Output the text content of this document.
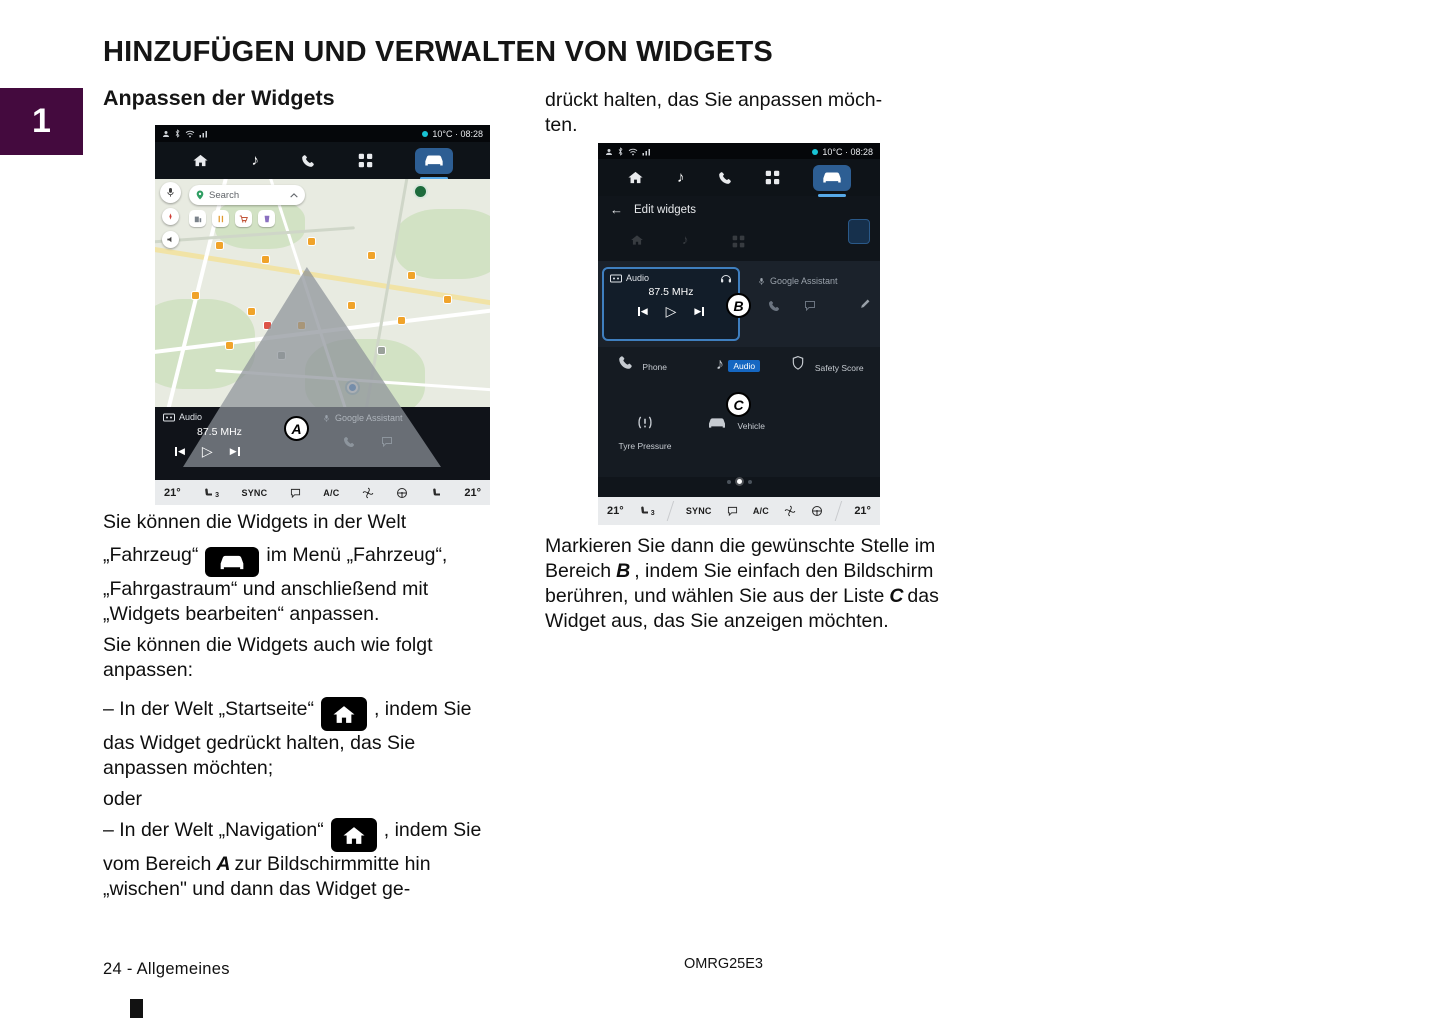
HINZUFÜGEN UND VERWALTEN VON WIDGETS
1
Anpassen der Widgets	drückt halten, das Sie anpassen möch-
ten.

10°C · 08:28
♪
Search
Audio
87.5 MHz
◀ ▷ ▶
Google Assistant
A
21°	3 SYNC	A/C	21°

Sie können die Widgets in der Welt

„Fahrzeug“	im Menü „Fahrzeug“, „Fahrgastraum“ und anschließend mit „Widgets bearbeiten“ anpassen.

Sie können die Widgets auch wie folgt anpassen:

– In der Welt „Startseite“	, indem Sie das Widget gedrückt halten, das Sie anpassen möchten;

oder

– In der Welt „Navigation“	, indem Sie vom Bereich A zur Bildschirmmitte hin „wischen" und dann das Widget ge-

10°C · 08:28
♪
← Edit widgets
♪
Audio
87.5 MHz
◀ ▷ ▶	B
Google Assistant
Phone	♪ Audio	Safety Score
C
Tyre Pressure
Vehicle
21°	3	SYNC	A/C	21°

Markieren Sie dann die gewünschte Stelle im Bereich B , indem Sie einfach den Bildschirm berühren, und wählen Sie aus der Liste C das Widget aus, das Sie anzeigen möchten.

24 - Allgemeines	OMRG25E3
